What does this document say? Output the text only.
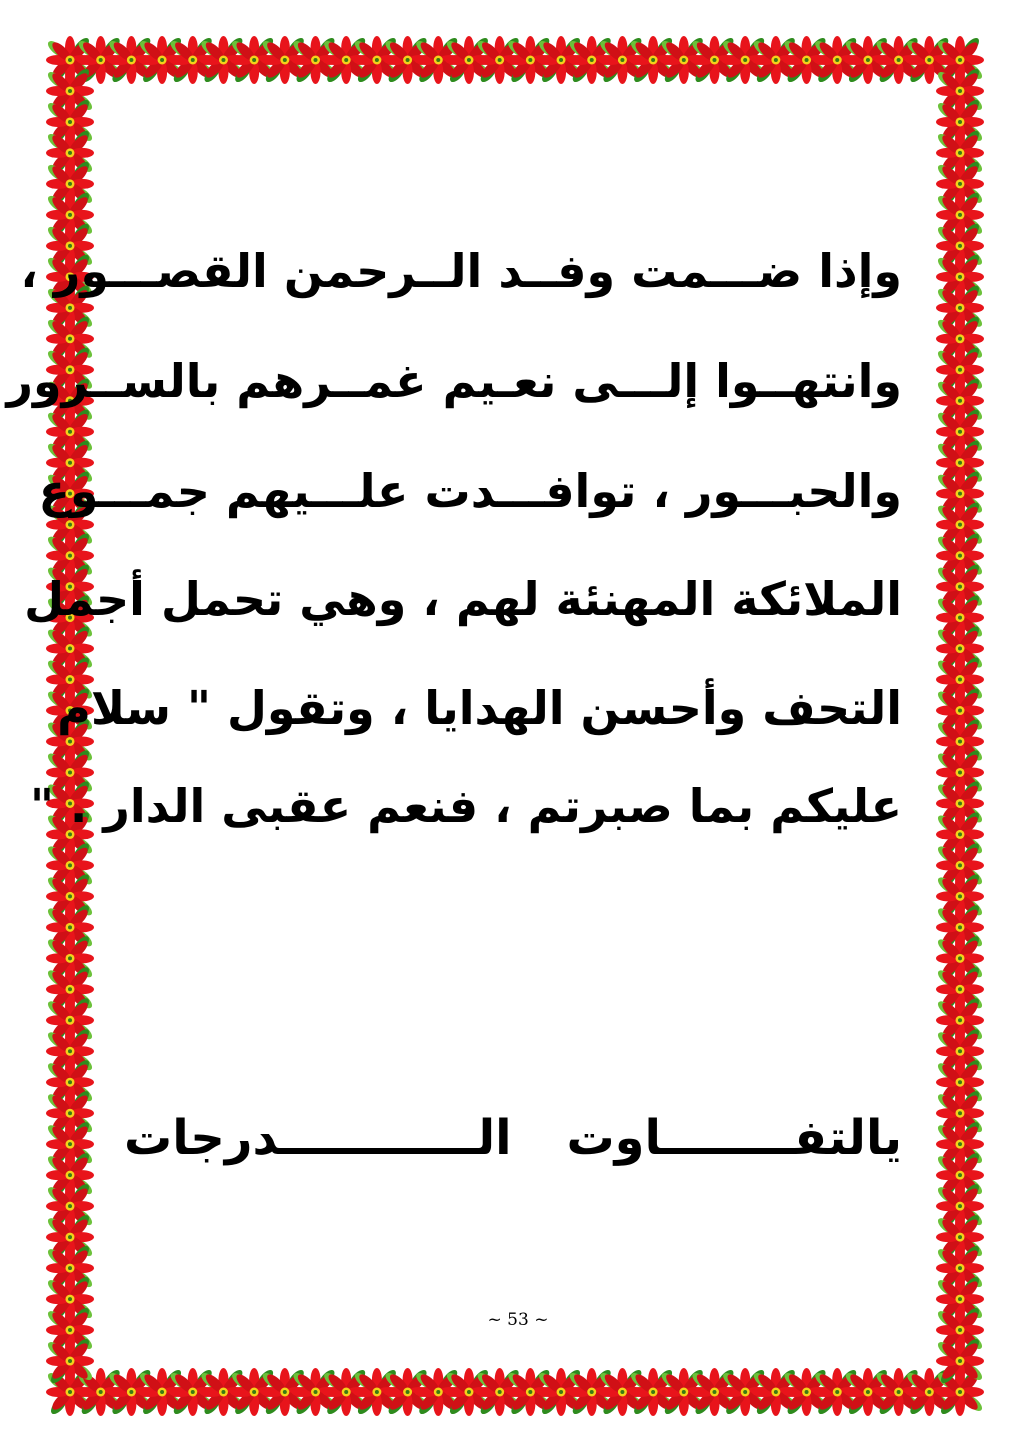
وإذا ضـــمت وفــد الــرحمن القصـــور ،
وانتهــوا إلـــى نعـيم غمــرهم بالســرور
والحبـــور ، توافـــدت علـــيهم جمـــوع
الملائكة المهنئة لهم ، وهي تحمل أجمل
التحف وأحسن الهدايا ، وتقول " سلام
عليكم بما صبرتم ، فنعم عقبى الدار . "
يالتفــــــــاوت الــــــــــــدرجات
~ 53 ~
